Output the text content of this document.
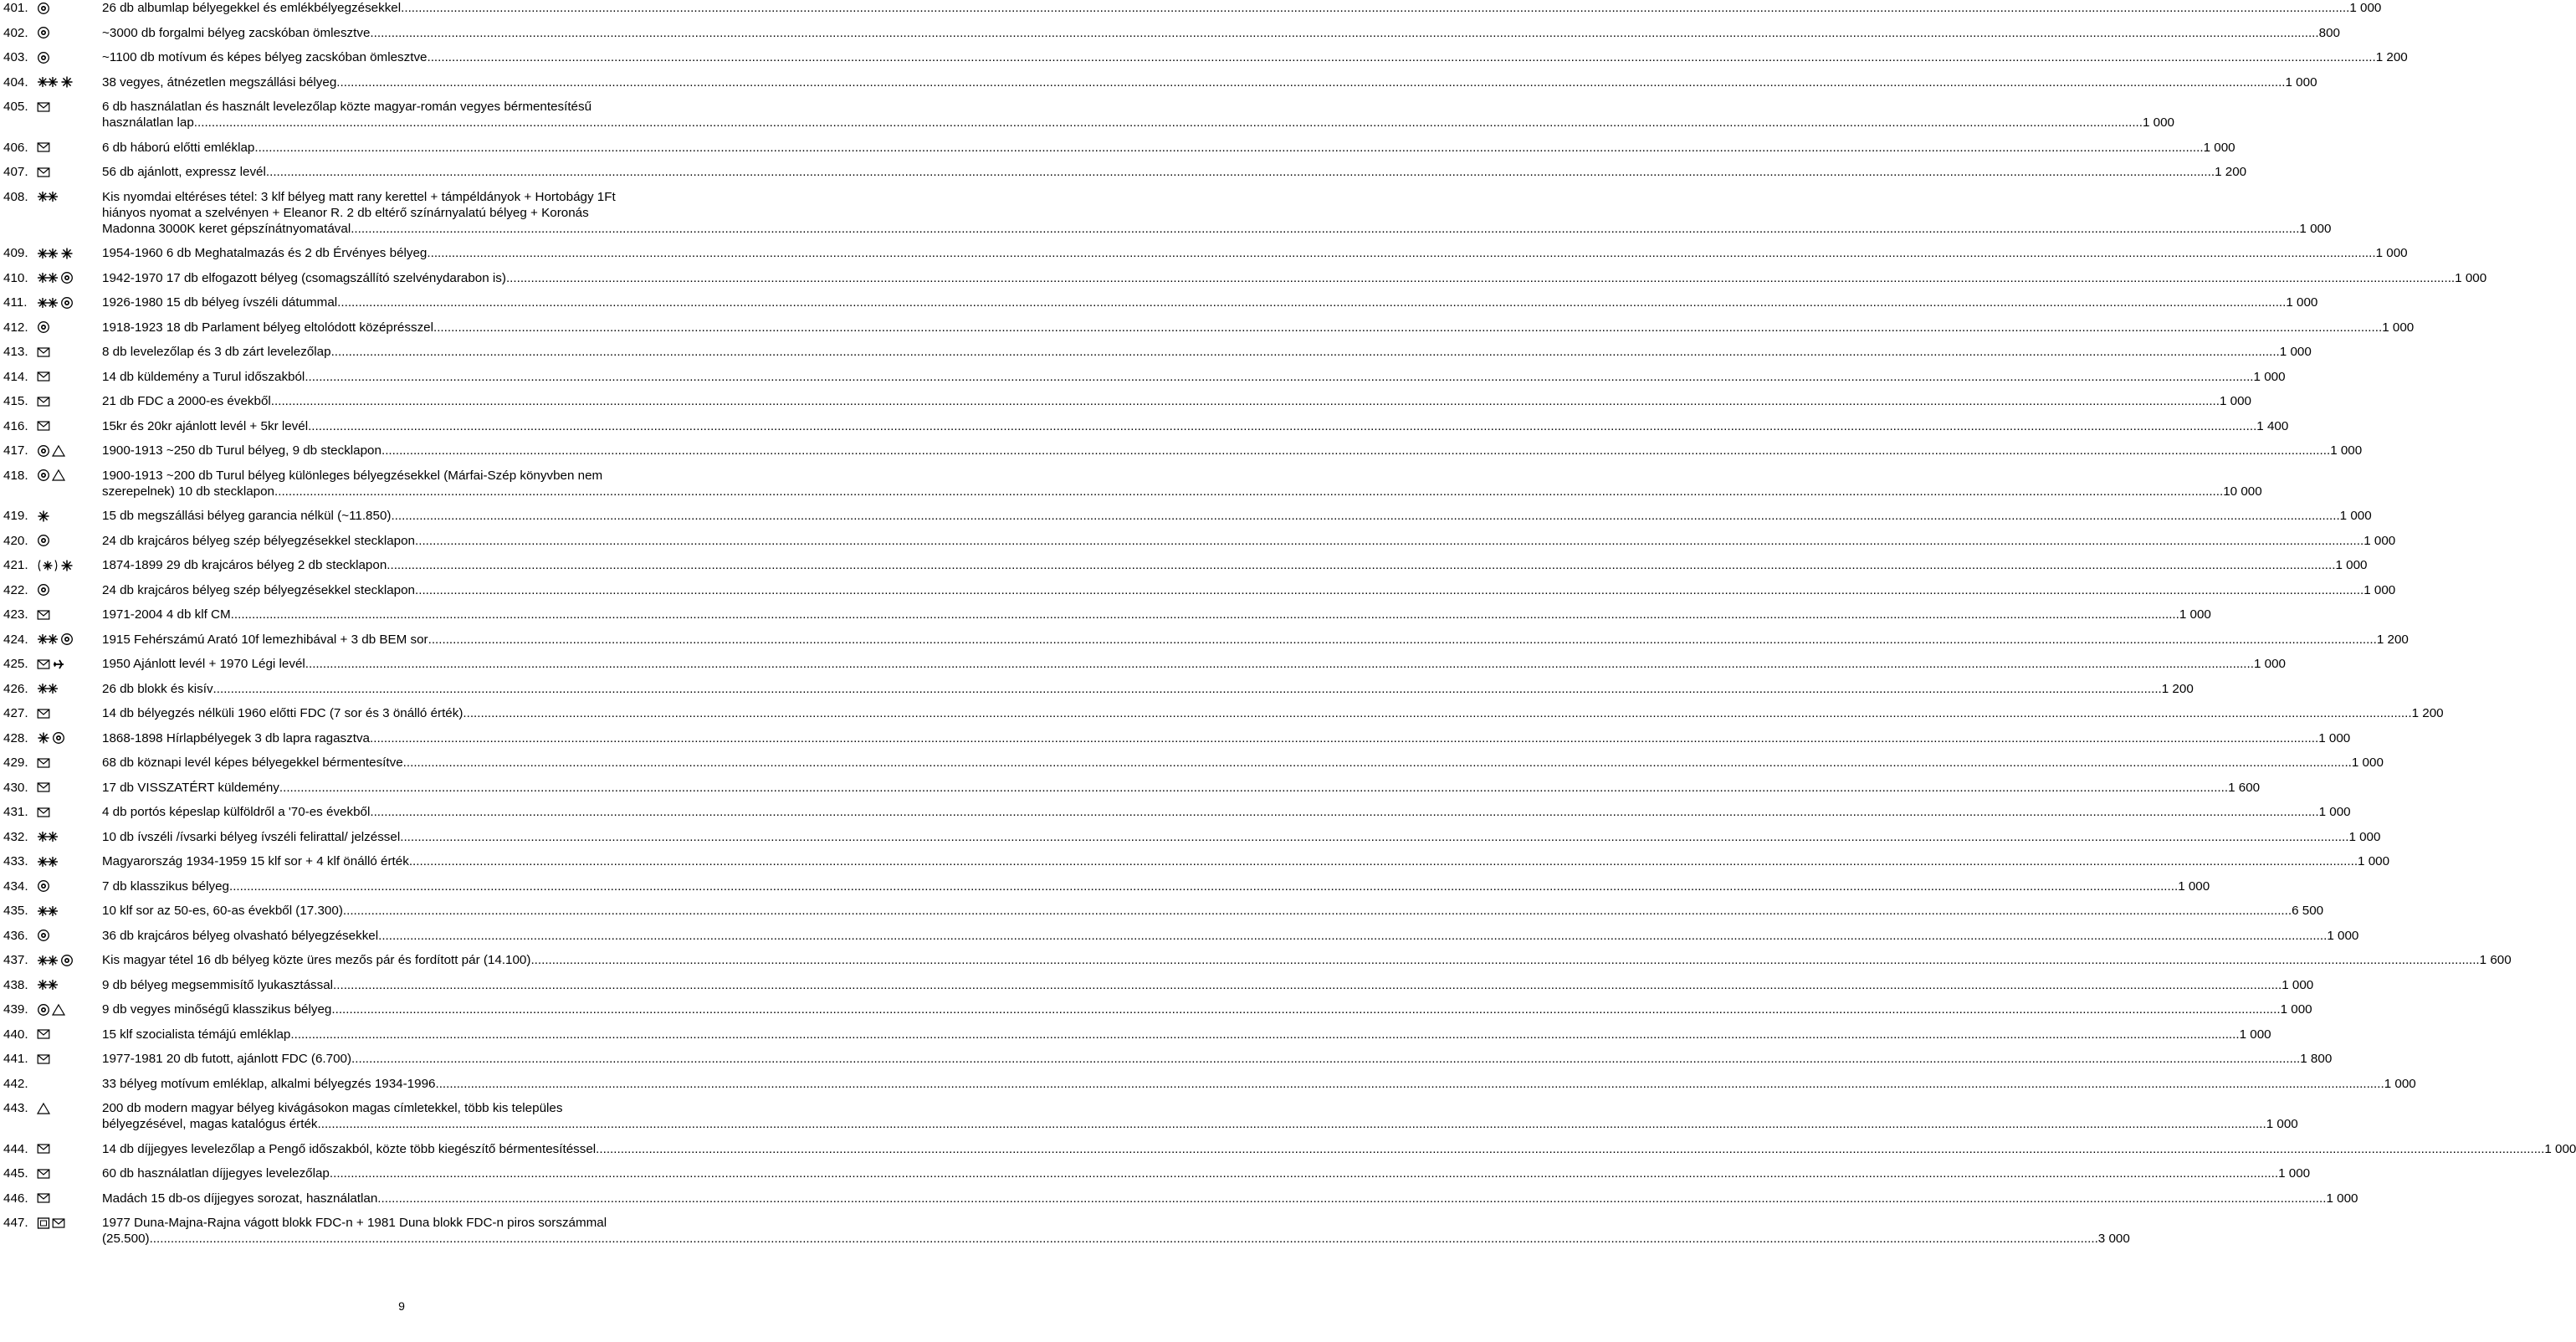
401.	26 db albumlap bélyegekkel és emlékbélyegzésekkel .....	1 000
402.	~3000 db forgalmi bélyeg zacskóban ömlesztve .....	800
403.	~1100 db motívum és képes bélyeg zacskóban ömlesztve .....	1 200
404.	38 vegyes, átnézetlen megszállási bélyeg .....	1 000
405.	6 db használatlan és használt levelezőlap közte magyar-román vegyes bérmentesítésű
használatlan lap .....	1 000
406.	6 db háború előtti emléklap .....	1 000
407.	56 db ajánlott, expressz levél .....	1 200
408.	Kis nyomdai eltéréses tétel: 3 klf bélyeg matt rany kerettel + támpéldányok + Hortobágy 1Ft
hiányos nyomat a szelvényen + Eleanor R. 2 db eltérő színárnyalatú bélyeg + Koronás
Madonna 3000K keret gépszínátnyomatával .....	1 000
409.	1954-1960 6 db Meghatalmazás és 2 db Érvényes bélyeg .....	1 000
410.	1942-1970 17 db elfogazott bélyeg (csomagszállító szelvénydarabon is) .....	1 000
411.	1926-1980 15 db bélyeg ívszéli dátummal .....	1 000
412.	1918-1923 18 db Parlament bélyeg eltolódott középrésszel .....	1 000
413.	8 db levelezőlap és 3 db zárt levelezőlap .....	1 000
414.	14 db küldemény a Turul időszakból .....	1 000
415.	21 db FDC a 2000-es évekből .....	1 000
416.	15kr és 20kr ajánlott levél + 5kr levél .....	1 400
417.	1900-1913 ~250 db Turul bélyeg, 9 db stecklapon .....	1 000
418.	1900-1913 ~200 db Turul bélyeg különleges bélyegzésekkel (Márfai-Szép könyvben nem
szerepelnek) 10 db stecklapon .....	10 000
419.	15 db megszállási bélyeg garancia nélkül (~11.850) .....	1 000
420.	24 db krajcáros bélyeg szép bélyegzésekkel stecklapon .....	1 000
421.	1874-1899 29 db krajcáros bélyeg 2 db stecklapon .....	1 000
422.	24 db krajcáros bélyeg szép bélyegzésekkel stecklapon .....	1 000
423.	1971-2004 4 db klf CM .....	1 000
424.	1915 Fehérszámú Arató 10f lemezhibával + 3 db BEM sor .....	1 200
425.	1950 Ajánlott levél + 1970 Légi levél .....	1 000
426.	26 db blokk és kisív .....	1 200
427.	14 db bélyegzés nélküli 1960 előtti FDC (7 sor és 3 önálló érték) .....	1 200
428.	1868-1898 Hírlapbélyegek 3 db lapra ragasztva .....	1 000
429.	68 db köznapi levél képes bélyegekkel bérmentesítve .....	1 000
430.	17 db VISSZATÉRT küldemény .....	1 600
431.	4 db portós képeslap külföldről a '70-es évekből .....	1 000
432.	10 db ívszéli /ívsarki bélyeg ívszéli felirattal/ jelzéssel .....	1 000
433.	Magyarország 1934-1959 15 klf sor + 4 klf önálló érték .....	1 000
434.	7 db klasszikus bélyeg .....	1 000
435.	10 klf sor az 50-es, 60-as évekből (17.300) .....	6 500
436.	36 db krajcáros bélyeg olvasható bélyegzésekkel .....	1 000
437.	Kis magyar tétel 16 db bélyeg közte üres mezős pár és fordított pár (14.100) .....	1 600
438.	9 db bélyeg megsemmisítő lyukasztással .....	1 000
439.	9 db vegyes minőségű klasszikus bélyeg .....	1 000
440.	15 klf szocialista témájú emléklap .....	1 000
441.	1977-1981 20 db futott, ajánlott FDC (6.700) .....	1 800
442.	33 bélyeg motívum emléklap, alkalmi bélyegzés 1934-1996 .....	1 000
443.	200 db modern magyar bélyeg kivágásokon magas címletekkel, több kis települes
bélyegzésével, magas katalógus érték .....	1 000
444.	14 db díjjegyes levelezőlap a Pengő időszakból, közte több kiegészítő bérmentesítéssel .....	1 000
445.	60 db használatlan díjjegyes levelezőlap .....	1 000
446.	Madách 15 db-os díjjegyes sorozat, használatlan .....	1 000
447.	1977 Duna-Majna-Rajna vágott blokk FDC-n + 1981 Duna blokk FDC-n piros sorszámmal
(25.500) .....	3 000
9
